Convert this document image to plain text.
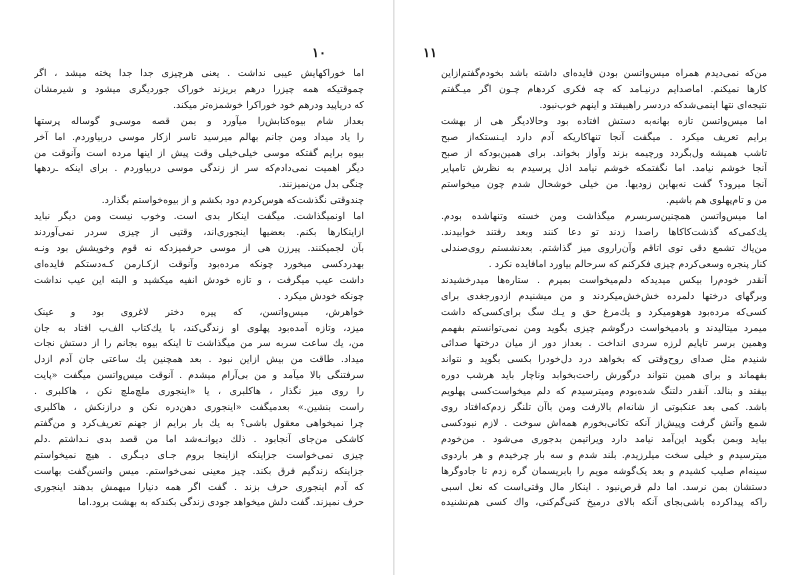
۱۰
اما خوراکهایش عیبی نداشت . یعنی هرچیزی جدا جدا پخته میشد ، اگر
چموقتیکه همه چیزرا درهم بریزند خوراک جوردیگری میشود و شیرمشان
که دریاپید ودرهم خود خوراکرا خوشمزه‌تر میکند.
بعداز شام بیوه‌کتابش‌را میآورد و بمن قصه موسی‌و گوساله پرستها
را یاد میداد ومن جانم بهالم میرسید تاسر ازکار موسی دربیاوردم. اما آخر
بیوه برایم گفتکه موسی خیلی‌خیلی وقت پیش از اینها مرده است وآنوقت من
دیگر اهمیت نمی‌دادم‌که سر از زندگی موسی دربیاوردم . برای اینکه ـ‌ردهها
چنگی بدل من‌نمیزنند.
چندوقتی نگذشت‌که هوس‌کردم دود بکشم و از بیوه‌خواستم بگذارد.
اما اونمیگذاشت. میگفت اینکار بدی است. وخوب نیست ومن دیگر نباید
ازاینکارها بکنم. بعضیها اینجوری‌اند، وقتیی از چیزی سردر نمی‌آوردند
بآن لجمیکنند. پیرزن هی از موسی حرفمیزدکه نه قوم وخویشش بود ونـه
بهدردکسی میخورد چونکه مرده‌بود وآنوقت ازکـارمن کـه‌دستکم فایده‌ای
داشت عیب میگرفت ، و تازه خودش انفیه میکشید و البته این عیب نداشت
چونکه خودش میکرد .
خواهرش، میس‌واتسن، که پیره دختر لاغروی بود و عینک
میزد، وتازه آمده‌بود پهلوی او زندگی‌کند، با یك‌کتاب الف‌ب افتاد به جان
من، یك ساعت سربه سر من میگذاشت تا اینکه بیوه بجانم را از دستش نجات
میداد. طاقت من بیش ازاین نبود . بعد همچنین یك ساعتی جان آدم ازدل
سرفتنگی بالا میآمد و من بی‌آرام میشدم . آنوقت میس‌واتسن میگفت «پایت
را روی میز نگذار ، هاکلبری ، یا «اینجوری ملچ‌ملچ نکن ، هاکلبری .
راست بنشین.» بعدمیگفت «اینجوری دهن‌دره نکن و درازنکش ، هاکلبری
چرا نمیخواهی معقول باشی؟ به یك بار برایم از جهنم تعریف‌کرد و من‌گفتم
کاشکی من‌جای آنجابود . ذلك دیوانـه‌شد اما من قصد بدی نـداشتم .دلم
چیزی نمی‌خواست جزاینکه ازاینجا بروم جـای دیـگری . هیچ نمیخواستم
جزاینکه زندگیم فرق بکند. چیز معینی نمی‌خواستم. میس واتسن‌گفت بهاست
که آدم اینجوری حرف بزند . گفت اگر همه دنیارا میهمش بدهند اینجوری
حرف نمیزند. گفت دلش میخواهد جودی زندگی بکندکه به بهشت برود.اما
۱۱
من‌که نمی‌دیدم همراه میس‌واتسن بودن فایده‌ای داشته باشد بخودم‌گفتم‌ازاین
کارها نمیکنم. اماصدایم درنیـامد که چه فکری کردهام چـون اگر میـگفتم
نتیجه‌ای نتها اینمی‌شدکه دردسر راهبیفتد و اینهم خوب‌نبود.
اما میس‌واتسن تازه بهانه‌به دستش افتاده بود وحالادیگر هی از بهشت
برایم تعریف میکرد . میگفت آنجا تنهاکاریکه آدم دارد ایـنستکه‌از صبح
تاشب همیشه ول‌بگردد ورچیمه بزند وآواز بخواند. برای همین‌بودکه از صبح
آنجا خوشم نیامد. اما نگفتمکه خوشم نیامد اذل پرسیدم به نظرش تامپایر
آنجا میرود؟ گفت نه‌بهاین زودیها. من خیلی خوشحال شدم چون میخواستم
من و تام‌پهلوی هم باشیم.
اما میس‌واتسن همچنین‌سربسرم میگذاشت ومن خسته وتنهاشده بودم.
یك‌کمی‌که گذشت‌کاکاها راصدا زدند تو دعا‌ کنند وبعد رفتند خوابیدند.
من‌یاك تشمع دقی توی اتاقم وآ‌ن‌راروی میز گذاشتم. بعدنشستم روی‌صندلی
کنار پنجره وسعی‌کردم چیزی فکرکنم که سرحالم بیاورد امافایده نکرد .
آنقدر خودم‌را بیکس میدیدکه دلم‌میخواست بمیرم . ستاره‌ها میدرخشیدند
وبرگهای درختها دلمرده خش‌خش‌میکردند و من میشنیدم ازدورجغدی برای
کسی‌که مرده‌بود هوهو‌میکرد و یك‌مرغ حق و یـك سگ برای‌کسی‌که داشت
میمرد میتالیدند و بادمیخواست درگوشم چیزی بگوید ومن نمی‌توانستم بفهمم
وهمین برسر تاپایم لرزه سردی انداخت . بعداز دور از میان درختها صدائی
شنیدم مثل صدای روح‌وقتی که بخواهد درد دل‌خودرا بکسی بگوید و نتواند
بفهماند و برای همین نتواند درگورش راحت‌بخوابد وناچار باید هرشب دوره
بیفتد و بنالد. آنقدر دلتنگ شده‌بودم ومیترسیدم که دلم میخواست‌کسی پهلویم
باشد. کمی بعد عنکبوتی از شانه‌ام بالارفت ومن باآن تلنگر زدم‌که‌افتاد روی
شمع وآتش گرفت وپیش‌از آنکه تکانی‌بخورم همه‌اش سوخت . لازم نبودکسی
بیاید وبمن بگوید این‌آمد نیامد دارد ویراتیمن بدجوری می‌شود . من‌خودم
میترسیدم و خیلی سخت میلرزیدم. بلند شدم و سه بار چرخیدم و هر باردوی
سینه‌ام صلیب کشیدم و بعد یک‌گوشه مویم را بابریسمان گره زدم تا جادوگرها
دستشان بمن نرسد. اما دلم قرص‌نبود . اینکار مال وقتی‌است که نعل اسبی
راکه پیداکرده باشی‌بجای آنکه بالای درمیخ کنی‌گم‌کنی، واك‌ کسی هم‌نشنیده
